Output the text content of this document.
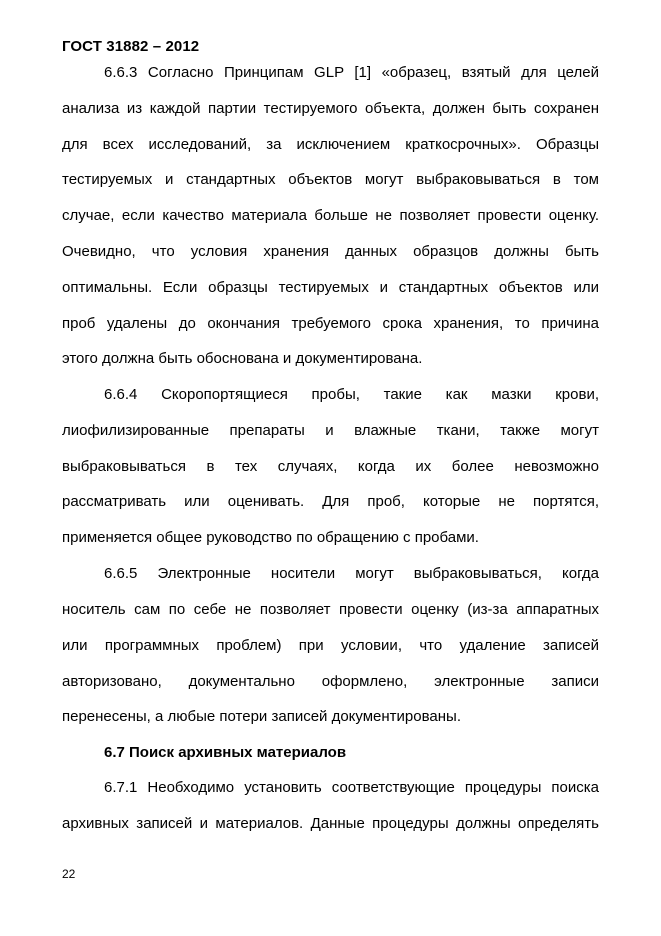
ГОСТ 31882 – 2012
6.6.3 Согласно Принципам GLP [1] «образец, взятый для целей
анализа из каждой партии тестируемого объекта, должен быть сохранен
для всех исследований, за исключением краткосрочных». Образцы
тестируемых и стандартных объектов могут выбраковываться в том
случае, если качество материала больше не позволяет провести оценку.
Очевидно, что условия хранения данных образцов должны быть
оптимальны. Если образцы тестируемых и стандартных объектов или
проб удалены до окончания требуемого срока хранения, то причина
этого должна быть обоснована и документирована.
6.6.4 Скоропортящиеся пробы, такие как мазки крови,
лиофилизированные препараты и влажные ткани, также могут
выбраковываться в тех случаях, когда их более невозможно
рассматривать или оценивать. Для проб, которые не портятся,
применяется общее руководство по обращению с пробами.
6.6.5 Электронные носители могут выбраковываться, когда
носитель сам по себе не позволяет провести оценку (из-за аппаратных
или программных проблем) при условии, что удаление записей
авторизовано, документально оформлено, электронные записи
перенесены, а любые потери записей документированы.
6.7 Поиск архивных материалов
6.7.1 Необходимо установить соответствующие процедуры поиска
архивных записей и материалов. Данные процедуры должны определять
22
